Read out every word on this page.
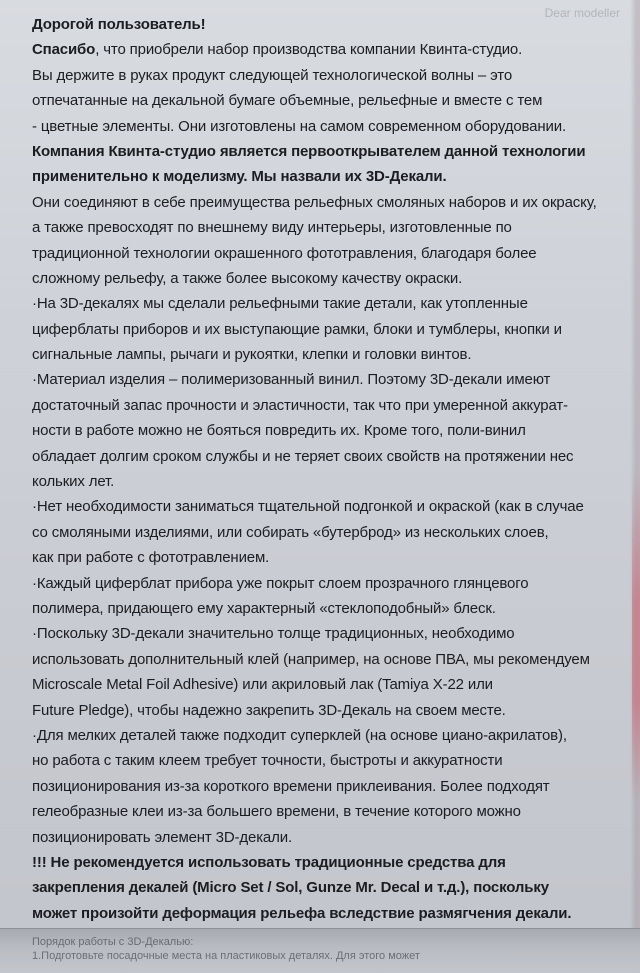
Dear modeller
Дорогой пользователь!
Спасибо, что приобрели набор производства компании Квинта-студио.
Вы держите в руках продукт следующей технологической волны – это
отпечатанные на декальной бумаге объемные, рельефные и вместе с тем
- цветные элементы. Они изготовлены на самом современном оборудовании.
Компания Квинта-студио является первооткрывателем данной технологии
применительно к моделизму. Мы назвали их 3D-Декали.
Они соединяют в себе преимущества рельефных смоляных наборов и их окраску,
а также превосходят по внешнему виду интерьеры, изготовленные по
традиционной технологии окрашенного фототравления, благодаря более
сложному рельефу, а также более высокому качеству окраски.
·На 3D-декалях мы сделали рельефными такие детали, как утопленные
циферблаты приборов и их выступающие рамки, блоки и тумблеры, кнопки и
сигнальные лампы, рычаги и рукоятки, клепки и головки винтов.
·Материал изделия – полимеризованный винил. Поэтому 3D-декали имеют
достаточный запас прочности и эластичности, так что при умеренной аккурат-
ности в работе можно не бояться повредить их. Кроме того, поли-винил
обладает долгим сроком службы и не теряет своих свойств на протяжении нес
кольких лет.
·Нет необходимости заниматься тщательной подгонкой и окраской (как в случае
со смоляными изделиями, или собирать «бутерброд» из нескольких слоев,
как при работе с фототравлением.
·Каждый циферблат прибора уже покрыт слоем прозрачного глянцевого
полимера, придающего ему характерный «стеклоподобный» блеск.
·Поскольку 3D-декали значительно толще традиционных, необходимо
использовать дополнительный клей (например, на основе ПВА, мы рекомендуем
Microscale Metal Foil Adhesive) или акриловый лак (Tamiya X-22 или
Future Pledge), чтобы надежно закрепить 3D-Декаль на своем месте.
·Для мелких деталей также подходит суперклей (на основе циано-акрилатов),
но работа с таким клеем требует точности, быстроты и аккуратности
позиционирования из-за короткого времени приклеивания. Более подходят
гелеобразные клеи из-за большего времени, в течение которого можно
позиционировать элемент 3D-декали.
!!! Не рекомендуется использовать традиционные средства для
закрепления декалей (Micro Set / Sol, Gunze Mr. Decal и т.д.), поскольку
может произойти деформация рельефа вследствие размягчения декали.
Порядок работы с 3D-Декалью:
1.Подготовьте посадочные места на пластиковых деталях. Для этого может
